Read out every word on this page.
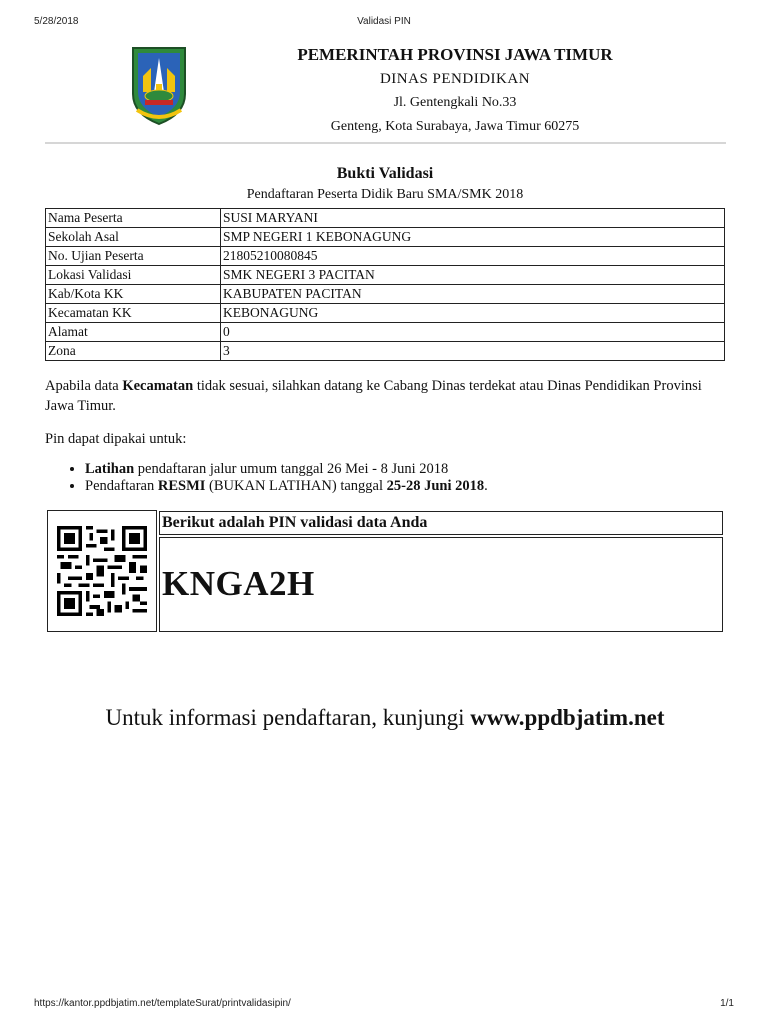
5/28/2018	Validasi PIN
PEMERINTAH PROVINSI JAWA TIMUR
DINAS PENDIDIKAN
Jl. Gentengkali No.33
Genteng, Kota Surabaya, Jawa Timur 60275
Bukti Validasi
Pendaftaran Peserta Didik Baru SMA/SMK 2018
Nama Peserta	SUSI MARYANI
Sekolah Asal	SMP NEGERI 1 KEBONAGUNG
No. Ujian Peserta	21805210080845
Lokasi Validasi	SMK NEGERI 3 PACITAN
Kab/Kota KK	KABUPATEN PACITAN
Kecamatan KK	KEBONAGUNG
Alamat	0
Zona	3
Apabila data Kecamatan tidak sesuai, silahkan datang ke Cabang Dinas terdekat atau Dinas Pendidikan Provinsi Jawa Timur.
Pin dapat dipakai untuk:
• Latihan pendaftaran jalur umum tanggal 26 Mei - 8 Juni 2018
• Pendaftaran RESMI (BUKAN LATIHAN) tanggal 25-28 Juni 2018.
Berikut adalah PIN validasi data Anda
KNGA2H
Untuk informasi pendaftaran, kunjungi www.ppdbjatim.net
https://kantor.ppdbjatim.net/templateSurat/printvalidasipin/	1/1
